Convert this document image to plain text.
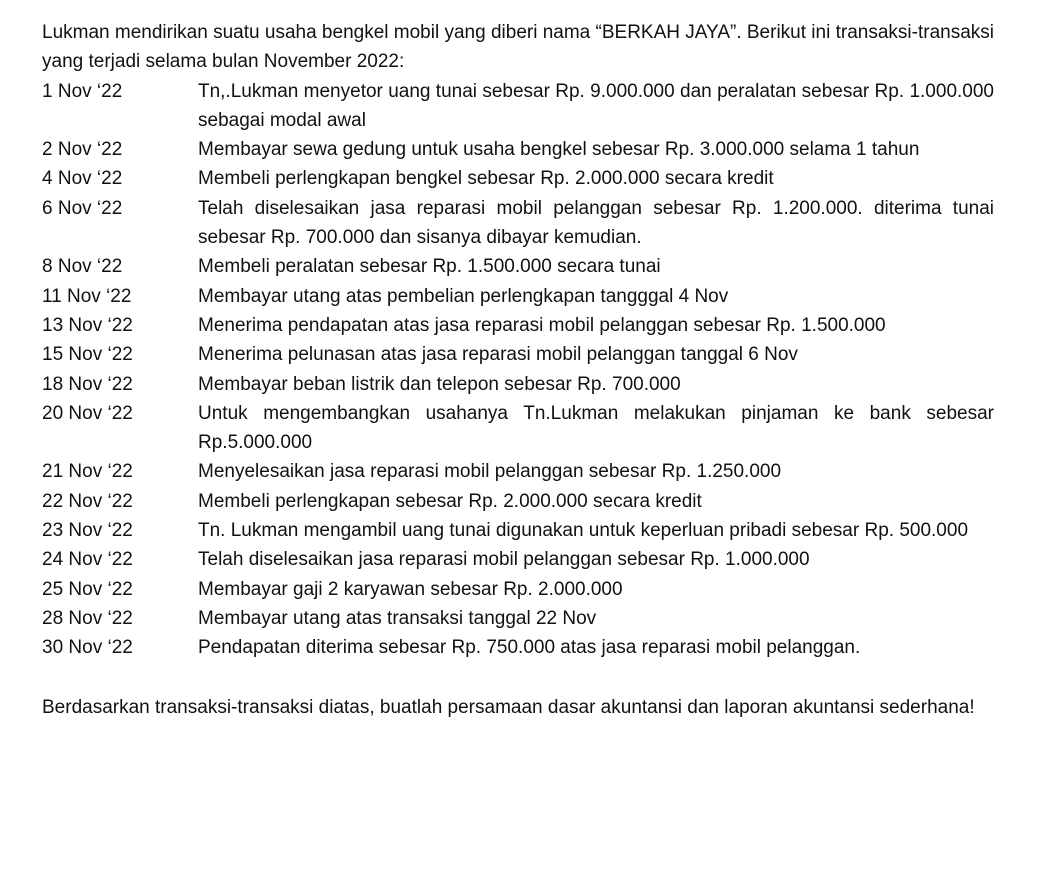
Lukman mendirikan suatu usaha bengkel mobil yang diberi nama “BERKAH JAYA”. Berikut ini transaksi-transaksi yang terjadi selama bulan November 2022:

1 Nov ‘22	Tn,.Lukman menyetor uang tunai sebesar Rp. 9.000.000 dan peralatan sebesar Rp. 1.000.000 sebagai modal awal
2 Nov ‘22	Membayar sewa gedung untuk usaha bengkel sebesar Rp. 3.000.000 selama 1 tahun
4 Nov ‘22	Membeli perlengkapan bengkel sebesar Rp. 2.000.000 secara kredit
6 Nov ‘22	Telah diselesaikan jasa reparasi mobil pelanggan sebesar Rp. 1.200.000. diterima tunai sebesar Rp. 700.000 dan sisanya dibayar kemudian.
8 Nov ‘22	Membeli peralatan sebesar Rp. 1.500.000 secara tunai
11 Nov ‘22	Membayar utang atas pembelian perlengkapan tangggal 4 Nov
13 Nov ‘22	Menerima pendapatan atas jasa reparasi mobil pelanggan sebesar Rp. 1.500.000
15 Nov ‘22	Menerima pelunasan atas jasa reparasi mobil pelanggan tanggal 6 Nov
18 Nov ‘22	Membayar beban listrik dan telepon sebesar Rp. 700.000
20 Nov ‘22	Untuk mengembangkan usahanya Tn.Lukman melakukan pinjaman ke bank sebesar Rp.5.000.000
21 Nov ‘22	Menyelesaikan jasa reparasi mobil pelanggan sebesar Rp. 1.250.000
22 Nov ‘22	Membeli perlengkapan sebesar Rp. 2.000.000 secara kredit
23 Nov ‘22	Tn. Lukman mengambil uang tunai digunakan untuk keperluan pribadi sebesar Rp. 500.000
24 Nov ‘22	Telah diselesaikan jasa reparasi mobil pelanggan sebesar Rp. 1.000.000
25 Nov ‘22	Membayar gaji 2 karyawan sebesar Rp. 2.000.000
28 Nov ‘22	Membayar utang atas transaksi tanggal 22 Nov
30 Nov ‘22	Pendapatan diterima sebesar Rp. 750.000 atas jasa reparasi mobil pelanggan.

Berdasarkan transaksi-transaksi diatas, buatlah persamaan dasar akuntansi dan laporan akuntansi sederhana!
